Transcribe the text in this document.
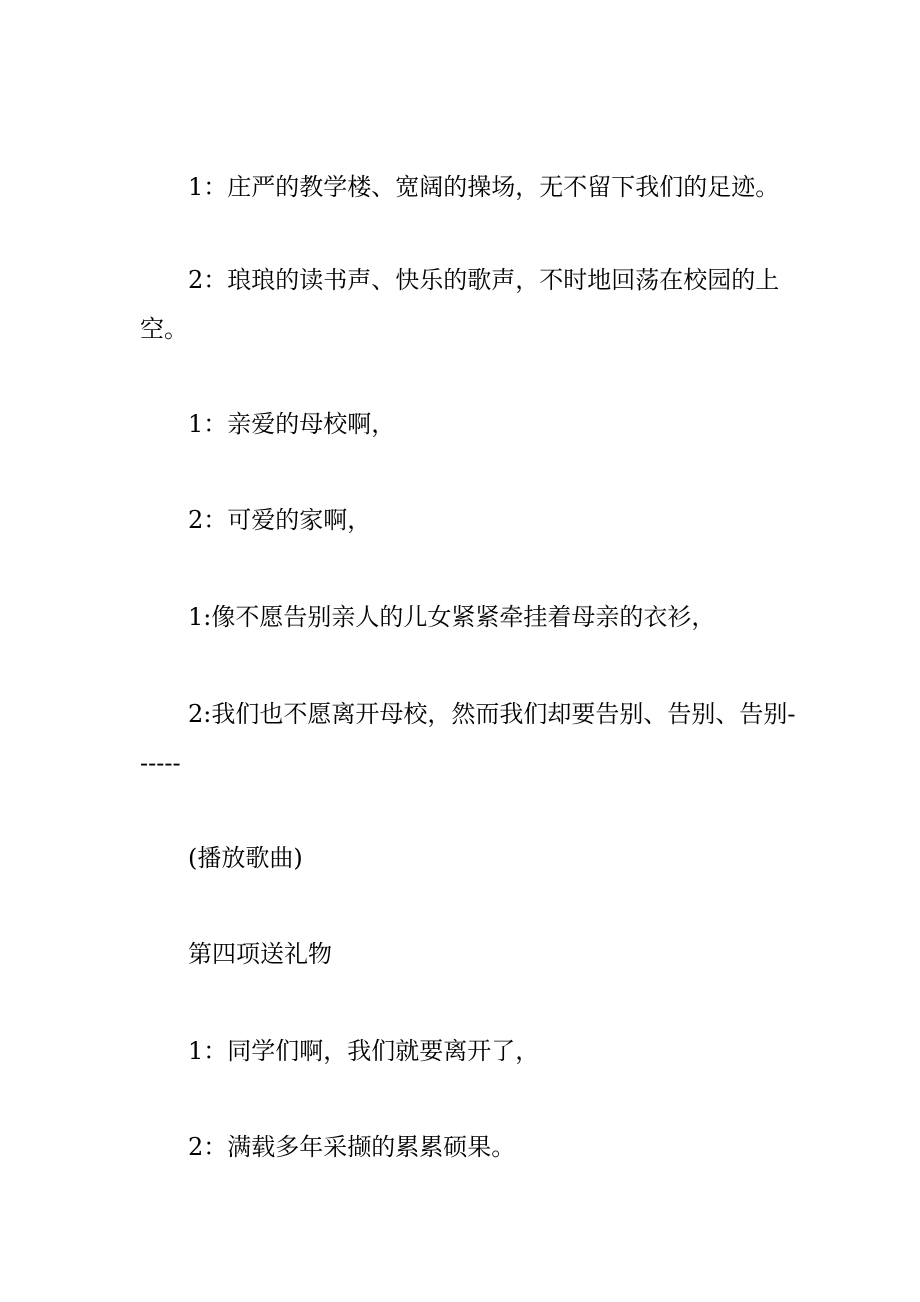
1：庄严的教学楼、宽阔的操场，无不留下我们的足迹。

2：琅琅的读书声、快乐的歌声，不时地回荡在校园的上空。

1：亲爱的母校啊，

2：可爱的家啊，

1:像不愿告别亲人的儿女紧紧牵挂着母亲的衣衫，

2:我们也不愿离开母校，然而我们却要告别、告别、告别------

(播放歌曲)

第四项送礼物

1：同学们啊，我们就要离开了，

2：满载多年采撷的累累硕果。
